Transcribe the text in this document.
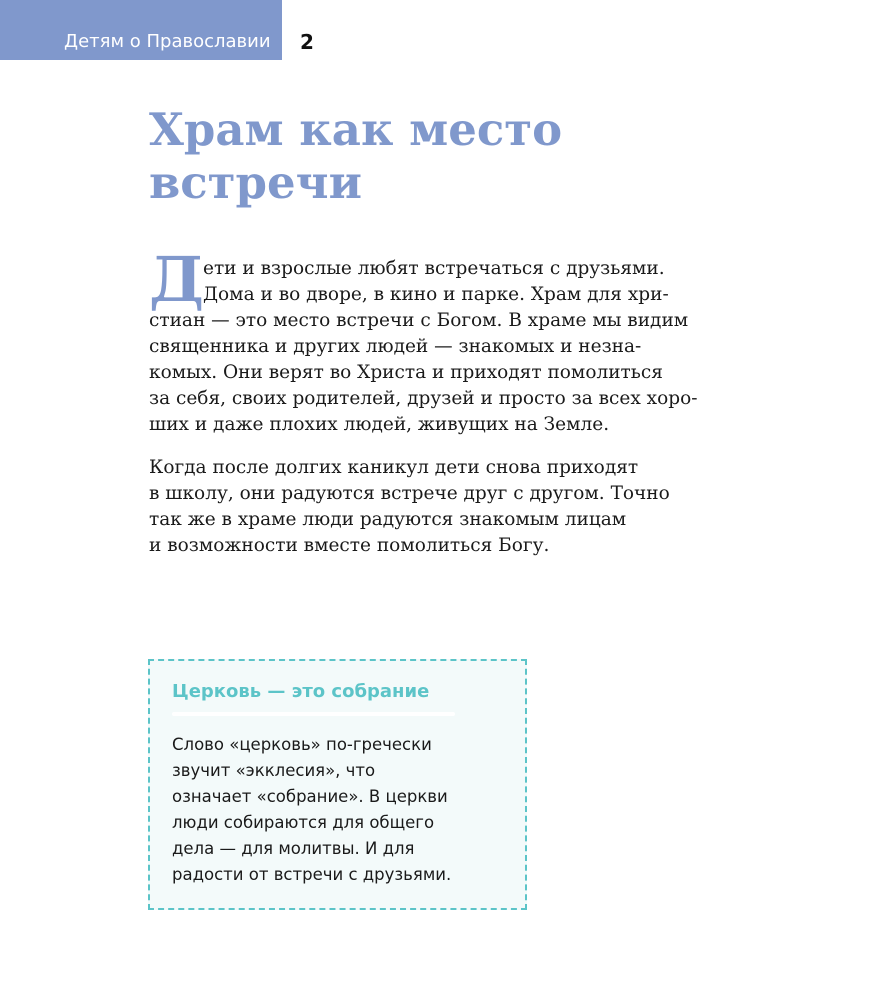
Детям о Православии 2
Храм как место
встречи
Д
ети и взрослые любят встречаться с друзьями.
Дома и во дворе, в кино и парке. Храм для хри-
стиан — это место встречи с Богом. В храме мы видим
священника и других людей — знакомых и незна-
комых. Они верят во Христа и приходят помолиться
за себя, своих родителей, друзей и просто за всех хоро-
ших и даже плохих людей, живущих на Земле.
Когда после долгих каникул дети снова приходят
в школу, они радуются встрече друг с другом. Точно
так же в храме люди радуются знакомым лицам
и возможности вместе помолиться Богу.
Церковь — это собрание
Слово «церковь» по-гречески
звучит «экклесия», что
означает «собрание». В церкви
люди собираются для общего
дела — для молитвы. И для
радости от встречи с друзьями.
